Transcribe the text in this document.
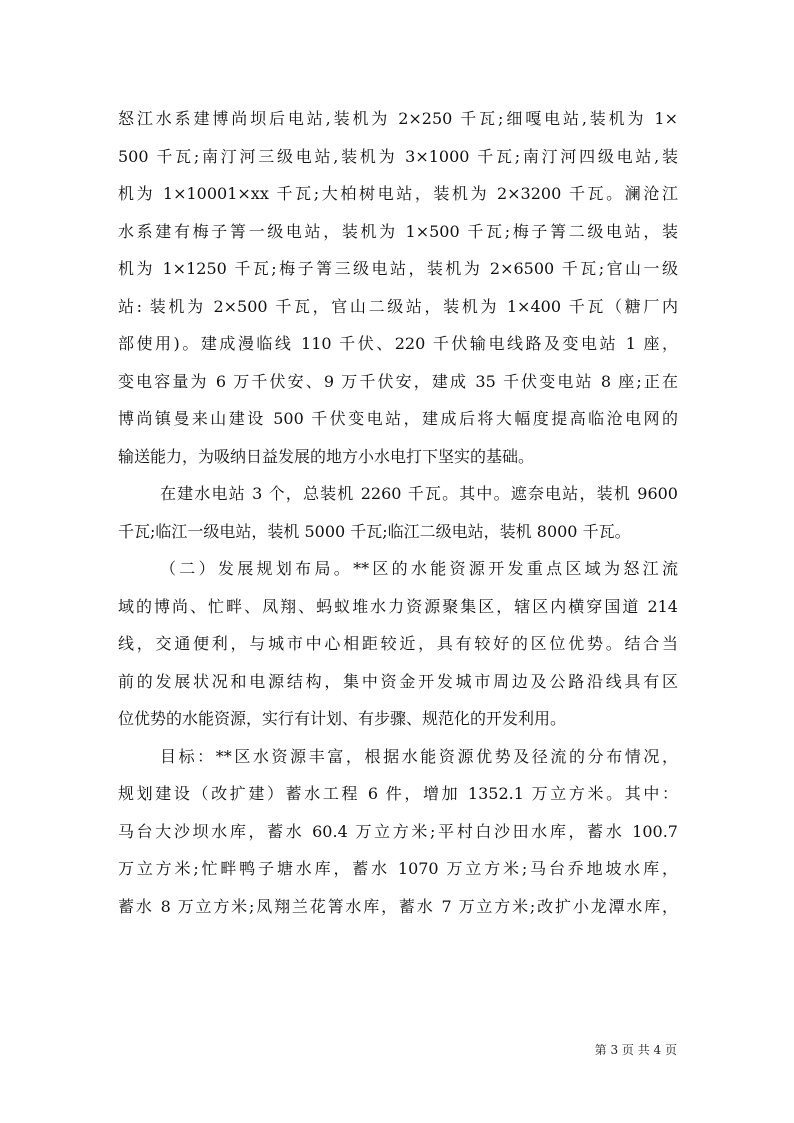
怒江水系建博尚坝后电站,装机为 2×250 千瓦;细嘎电站,装机为 1×

500 千瓦;南汀河三级电站,装机为 3×1000 千瓦;南汀河四级电站,装

机为 1×10001×xx 千瓦;大柏树电站，装机为 2×3200 千瓦。澜沧江

水系建有梅子箐一级电站，装机为 1×500 千瓦;梅子箐二级电站，装

机为 1×1250 千瓦;梅子箐三级电站，装机为 2×6500 千瓦;官山一级

站: 装机为 2×500 千瓦，官山二级站，装机为 1×400 千瓦（糖厂内

部使用)。建成漫临线 110 千伏、220 千伏输电线路及变电站 1 座，

变电容量为 6 万千伏安、9 万千伏安，建成 35 千伏变电站 8 座;正在

博尚镇曼来山建设 500 千伏变电站，建成后将大幅度提高临沧电网的

输送能力，为吸纳日益发展的地方小水电打下坚实的基础。

在建水电站 3 个，总装机 2260 千瓦。其中。遮奈电站，装机 9600

千瓦;临江一级电站，装机 5000 千瓦;临江二级电站，装机 8000 千瓦。

（二）发展规划布局。**区的水能资源开发重点区域为怒江流

域的博尚、忙畔、凤翔、蚂蚁堆水力资源聚集区，辖区内横穿国道 214

线，交通便利，与城市中心相距较近，具有较好的区位优势。结合当

前的发展状况和电源结构，集中资金开发城市周边及公路沿线具有区

位优势的水能资源，实行有计划、有步骤、规范化的开发利用。

目标：**区水资源丰富，根据水能资源优势及径流的分布情况，

规划建设（改扩建）蓄水工程 6 件，增加 1352.1 万立方米。其中：

马台大沙坝水库，蓄水 60.4 万立方米;平村白沙田水库，蓄水 100.7

万立方米;忙畔鸭子塘水库，蓄水 1070 万立方米;马台乔地坡水库，

蓄水 8 万立方米;凤翔兰花箐水库，蓄水 7 万立方米;改扩小龙潭水库，

第 3 页 共 4 页
